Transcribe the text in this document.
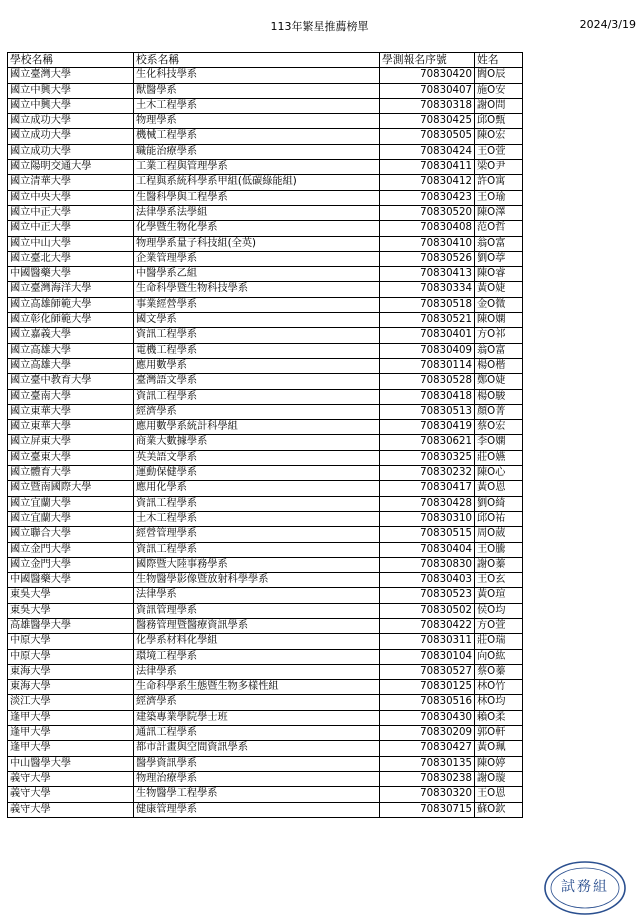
113年繁星推薦榜單	2024/3/19
學校名稱	校系名稱	學測報名序號	姓名
國立臺灣大學	生化科技學系	70830420	閻O辰
國立中興大學	獸醫學系	70830407	施O安
國立中興大學	土木工程學系	70830318	謝O問
國立成功大學	物理學系	70830425	邱O甄
國立成功大學	機械工程學系	70830505	陳O宏
國立成功大學	職能治療學系	70830424	王O萱
國立陽明交通大學	工業工程與管理學系	70830411	梁O尹
國立清華大學	工程與系統科學系甲組(低碳綠能組)	70830412	許O寓
國立中央大學	生醫科學與工程學系	70830423	王O瑜
國立中正大學	法律學系法學組	70830520	陳O澤
國立中正大學	化學暨生物化學系	70830408	范O哲
國立中山大學	物理學系量子科技組(全英)	70830410	翁O富
國立臺北大學	企業管理學系	70830526	劉O葶
中國醫藥大學	中醫學系乙組	70830413	陳O睿
國立臺灣海洋大學	生命科學暨生物科技學系	70830334	黃O婕
國立高雄師範大學	事業經營學系	70830518	金O微
國立彰化師範大學	國文學系	70830521	陳O嫻
國立嘉義大學	資訊工程學系	70830401	方O祁
國立高雄大學	電機工程學系	70830409	翁O富
國立高雄大學	應用數學系	70830114	楊O楷
國立臺中教育大學	臺灣語文學系	70830528	鄭O婕
國立臺南大學	資訊工程學系	70830418	楊O駿
國立東華大學	經濟學系	70830513	顏O菁
國立東華大學	應用數學系統計科學組	70830419	蔡O宏
國立屏東大學	商業大數據學系	70830621	李O嫻
國立臺東大學	英美語文學系	70830325	莊O嬿
國立體育大學	運動保健學系	70830232	陳O心
國立暨南國際大學	應用化學系	70830417	黃O恩
國立宜蘭大學	資訊工程學系	70830428	劉O綺
國立宜蘭大學	土木工程學系	70830310	邱O祐
國立聯合大學	經營管理學系	70830515	周O葳
國立金門大學	資訊工程學系	70830404	王O騰
國立金門大學	國際暨大陸事務學系	70830830	謝O蓁
中國醫藥大學	生物醫學影像暨放射科學學系	70830403	王O玄
東吳大學	法律學系	70830523	黃O瑄
東吳大學	資訊管理學系	70830502	侯O均
高雄醫學大學	醫務管理暨醫療資訊學系	70830422	方O萱
中原大學	化學系材料化學組	70830311	莊O瑞
中原大學	環境工程學系	70830104	向O紘
東海大學	法律學系	70830527	蔡O蓁
東海大學	生命科學系生態暨生物多樣性組	70830125	林O竹
淡江大學	經濟學系	70830516	林O均
逢甲大學	建築專業學院學士班	70830430	賴O柔
逢甲大學	通訊工程學系	70830209	郭O軒
逢甲大學	都市計畫與空間資訊學系	70830427	黃O珮
中山醫學大學	醫學資訊學系	70830135	陳O婷
義守大學	物理治療學系	70830238	謝O璇
義守大學	生物醫學工程學系	70830320	王O恩
義守大學	健康管理學系	70830715	蘇O欽
試務組
